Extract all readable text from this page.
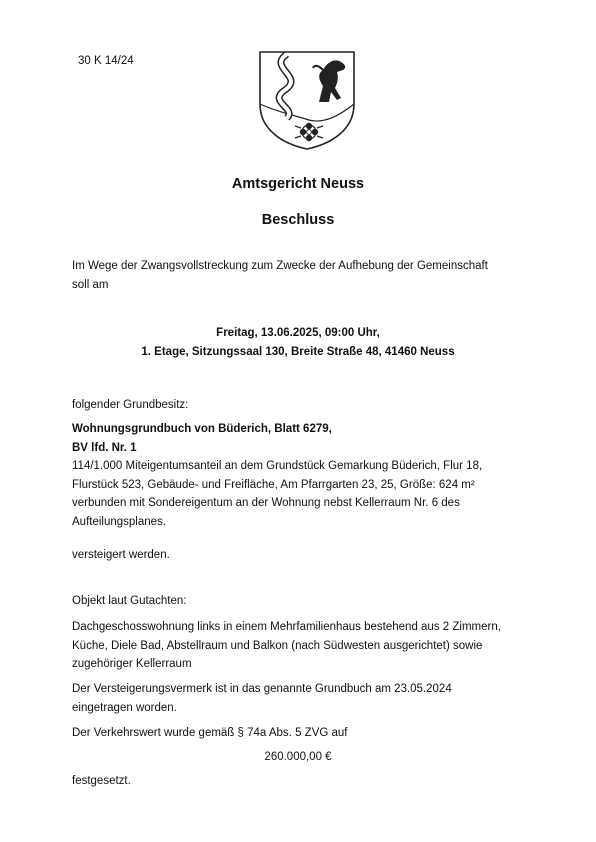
30 K 14/24
Amtsgericht Neuss
Beschluss
Im Wege der Zwangsvollstreckung zum Zwecke der Aufhebung der Gemeinschaft
soll am
Freitag, 13.06.2025, 09:00 Uhr,
1. Etage, Sitzungssaal 130, Breite Straße 48, 41460 Neuss
folgender Grundbesitz:
Wohnungsgrundbuch von Büderich, Blatt 6279,
BV lfd. Nr. 1
114/1.000 Miteigentumsanteil an dem Grundstück Gemarkung Büderich, Flur 18,
Flurstück 523, Gebäude- und Freifläche, Am Pfarrgarten 23, 25, Größe: 624 m²
verbunden mit Sondereigentum an der Wohnung nebst Kellerraum Nr. 6 des
Aufteilungsplanes.
versteigert werden.
Objekt laut Gutachten:
Dachgeschosswohnung links in einem Mehrfamilienhaus bestehend aus 2 Zimmern,
Küche, Diele Bad, Abstellraum und Balkon (nach Südwesten ausgerichtet) sowie
zugehöriger Kellerraum
Der Versteigerungsvermerk ist in das genannte Grundbuch am 23.05.2024
eingetragen worden.
Der Verkehrswert wurde gemäß § 74a Abs. 5 ZVG auf
260.000,00 €
festgesetzt.
